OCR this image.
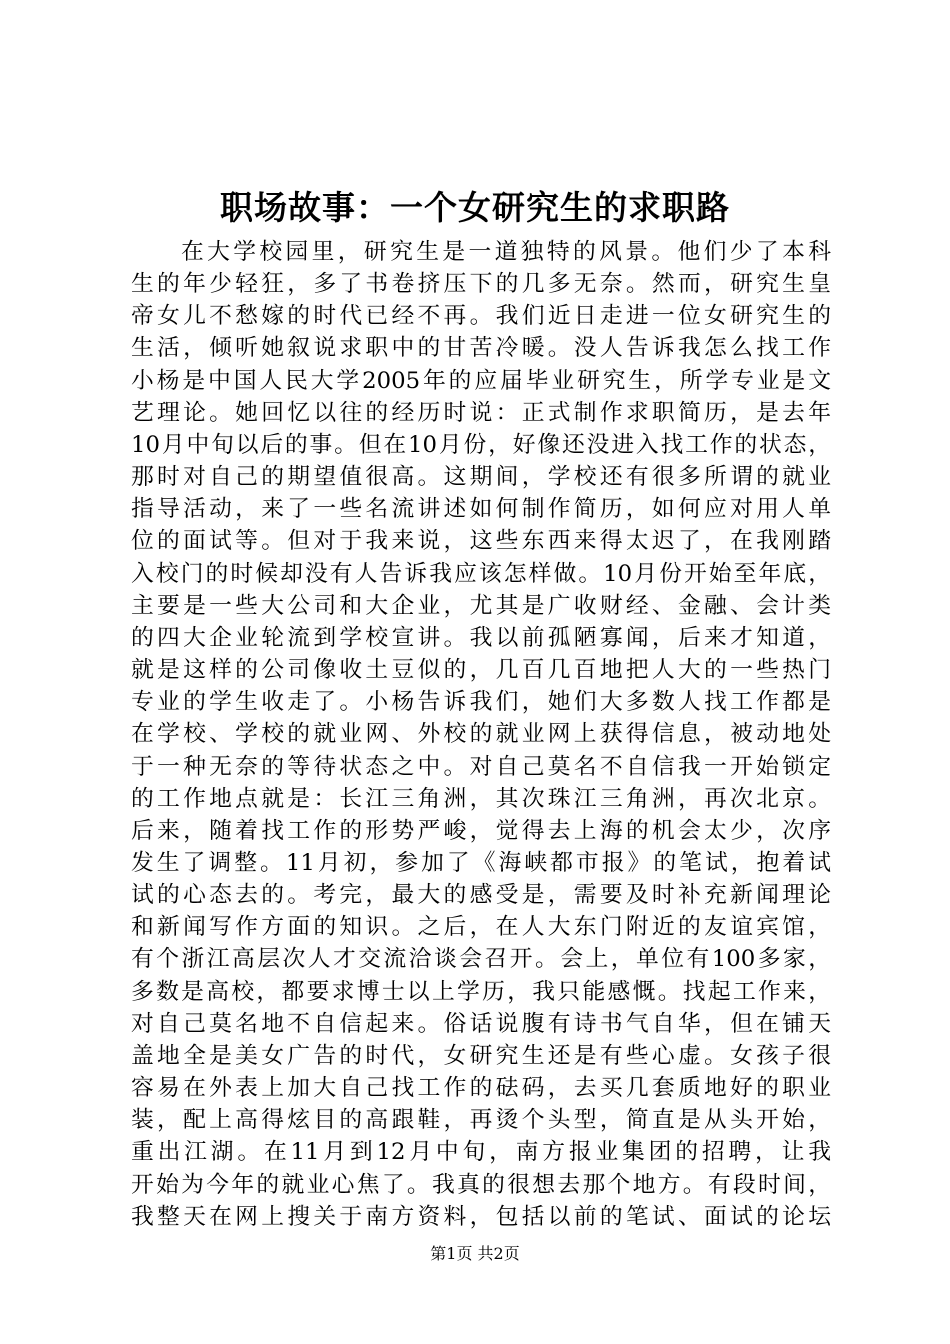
职场故事：一个女研究生的求职路
在大学校园里，研究生是一道独特的风景。他们少了本科
生的年少轻狂，多了书卷挤压下的几多无奈。然而，研究生皇
帝女儿不愁嫁的时代已经不再。我们近日走进一位女研究生的
生活，倾听她叙说求职中的甘苦冷暖。没人告诉我怎么找工作
小杨是中国人民大学2005年的应届毕业研究生，所学专业是文
艺理论。她回忆以往的经历时说：正式制作求职简历，是去年
10月中旬以后的事。但在10月份，好像还没进入找工作的状态，
那时对自己的期望值很高。这期间，学校还有很多所谓的就业
指导活动，来了一些名流讲述如何制作简历，如何应对用人单
位的面试等。但对于我来说，这些东西来得太迟了，在我刚踏
入校门的时候却没有人告诉我应该怎样做。10月份开始至年底，
主要是一些大公司和大企业，尤其是广收财经、金融、会计类
的四大企业轮流到学校宣讲。我以前孤陋寡闻，后来才知道，
就是这样的公司像收土豆似的，几百几百地把人大的一些热门
专业的学生收走了。小杨告诉我们，她们大多数人找工作都是
在学校、学校的就业网、外校的就业网上获得信息，被动地处
于一种无奈的等待状态之中。对自己莫名不自信我一开始锁定
的工作地点就是：长江三角洲，其次珠江三角洲，再次北京。
后来，随着找工作的形势严峻，觉得去上海的机会太少，次序
发生了调整。11月初，参加了《海峡都市报》的笔试，抱着试
试的心态去的。考完，最大的感受是，需要及时补充新闻理论
和新闻写作方面的知识。之后，在人大东门附近的友谊宾馆，
有个浙江高层次人才交流洽谈会召开。会上，单位有100多家，
多数是高校，都要求博士以上学历，我只能感慨。找起工作来，
对自己莫名地不自信起来。俗话说腹有诗书气自华，但在铺天
盖地全是美女广告的时代，女研究生还是有些心虚。女孩子很
容易在外表上加大自己找工作的砝码，去买几套质地好的职业
装，配上高得炫目的高跟鞋，再烫个头型，简直是从头开始，
重出江湖。在11月到12月中旬，南方报业集团的招聘，让我
开始为今年的就业心焦了。我真的很想去那个地方。有段时间，
我整天在网上搜关于南方资料，包括以前的笔试、面试的论坛
第1页 共2页
